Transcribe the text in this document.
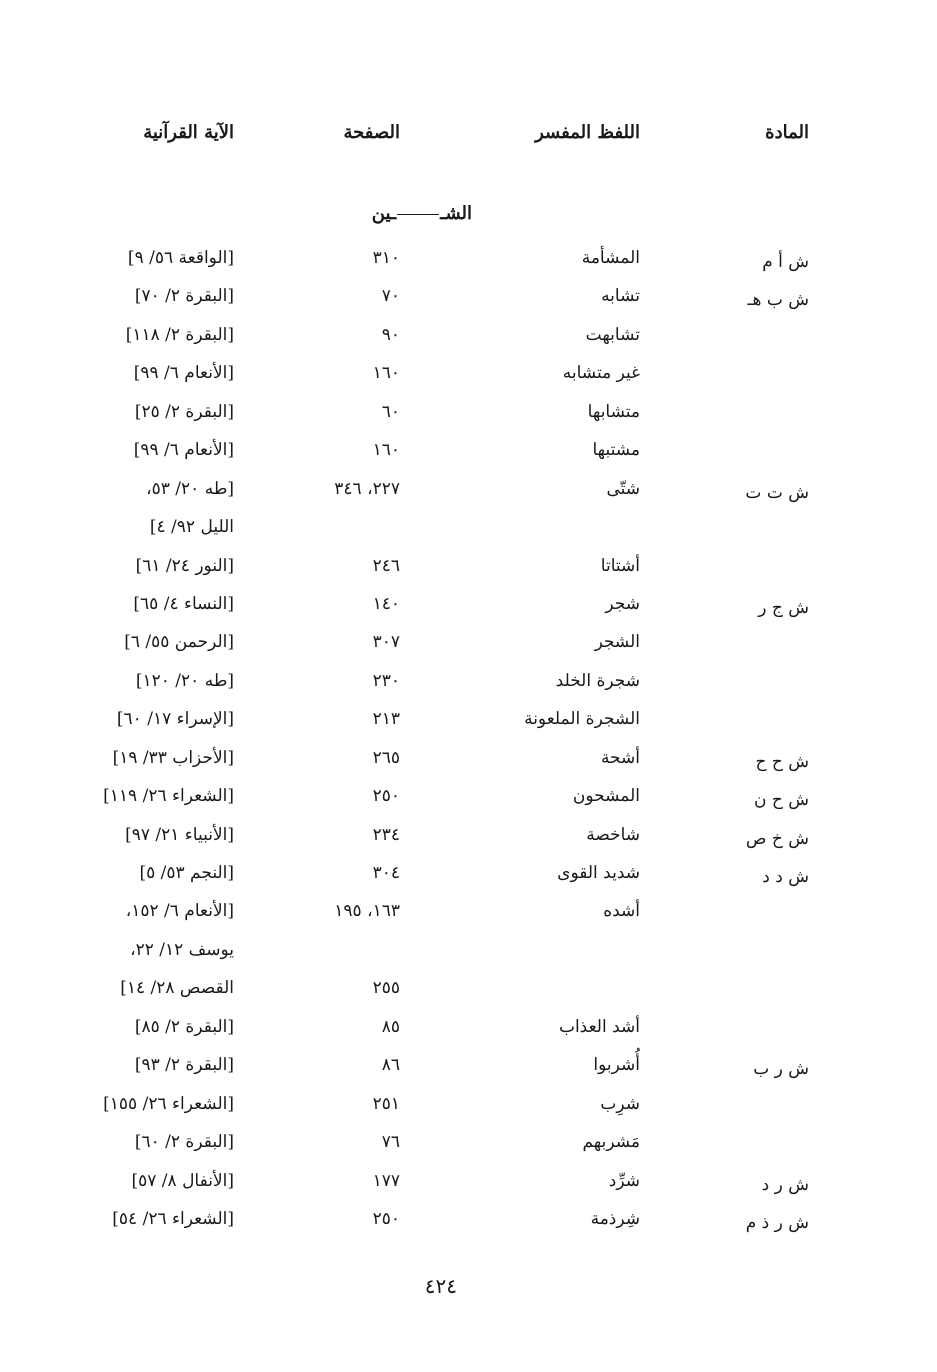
المادة
اللفظ المفسر
الصفحة
الآية القرآنية
الشــين
ش أ م
المشأمة
٣١٠
[الواقعة ٥٦/ ٩]
ش ب هـ
تشابه
٧٠
[البقرة ٢/ ٧٠]
تشابهت
٩٠
[البقرة ٢/ ١١٨]
غير متشابه
١٦٠
[الأنعام ٦/ ٩٩]
متشابها
٦٠
[البقرة ٢/ ٢٥]
مشتبها
١٦٠
[الأنعام ٦/ ٩٩]
ش ت ت
شتّى
٢٢٧، ٣٤٦
[طه ٢٠/ ٥٣،
الليل ٩٢/ ٤]
أشتاتا
٢٤٦
[النور ٢٤/ ٦١]
ش ج ر
شجر
١٤٠
[النساء ٤/ ٦٥]
الشجر
٣٠٧
[الرحمن ٥٥/ ٦]
شجرة الخلد
٢٣٠
[طه ٢٠/ ١٢٠]
الشجرة الملعونة
٢١٣
[الإسراء ١٧/ ٦٠]
ش ح ح
أشحة
٢٦٥
[الأحزاب ٣٣/ ١٩]
ش ح ن
المشحون
٢٥٠
[الشعراء ٢٦/ ١١٩]
ش خ ص
شاخصة
٢٣٤
[الأنبياء ٢١/ ٩٧]
ش د د
شديد القوى
٣٠٤
[النجم ٥٣/ ٥]
أشده
١٦٣، ١٩٥
[الأنعام ٦/ ١٥٢،
يوسف ١٢/ ٢٢،
٢٥٥
القصص ٢٨/ ١٤]
أشد العذاب
٨٥
[البقرة ٢/ ٨٥]
ش ر ب
أُشربوا
٨٦
[البقرة ٢/ ٩٣]
شرِب
٢٥١
[الشعراء ٢٦/ ١٥٥]
مَشربهم
٧٦
[البقرة ٢/ ٦٠]
ش ر د
شرِّد
١٧٧
[الأنفال ٨/ ٥٧]
ش ر ذ م
شِرذمة
٢٥٠
[الشعراء ٢٦/ ٥٤]
٤٢٤
